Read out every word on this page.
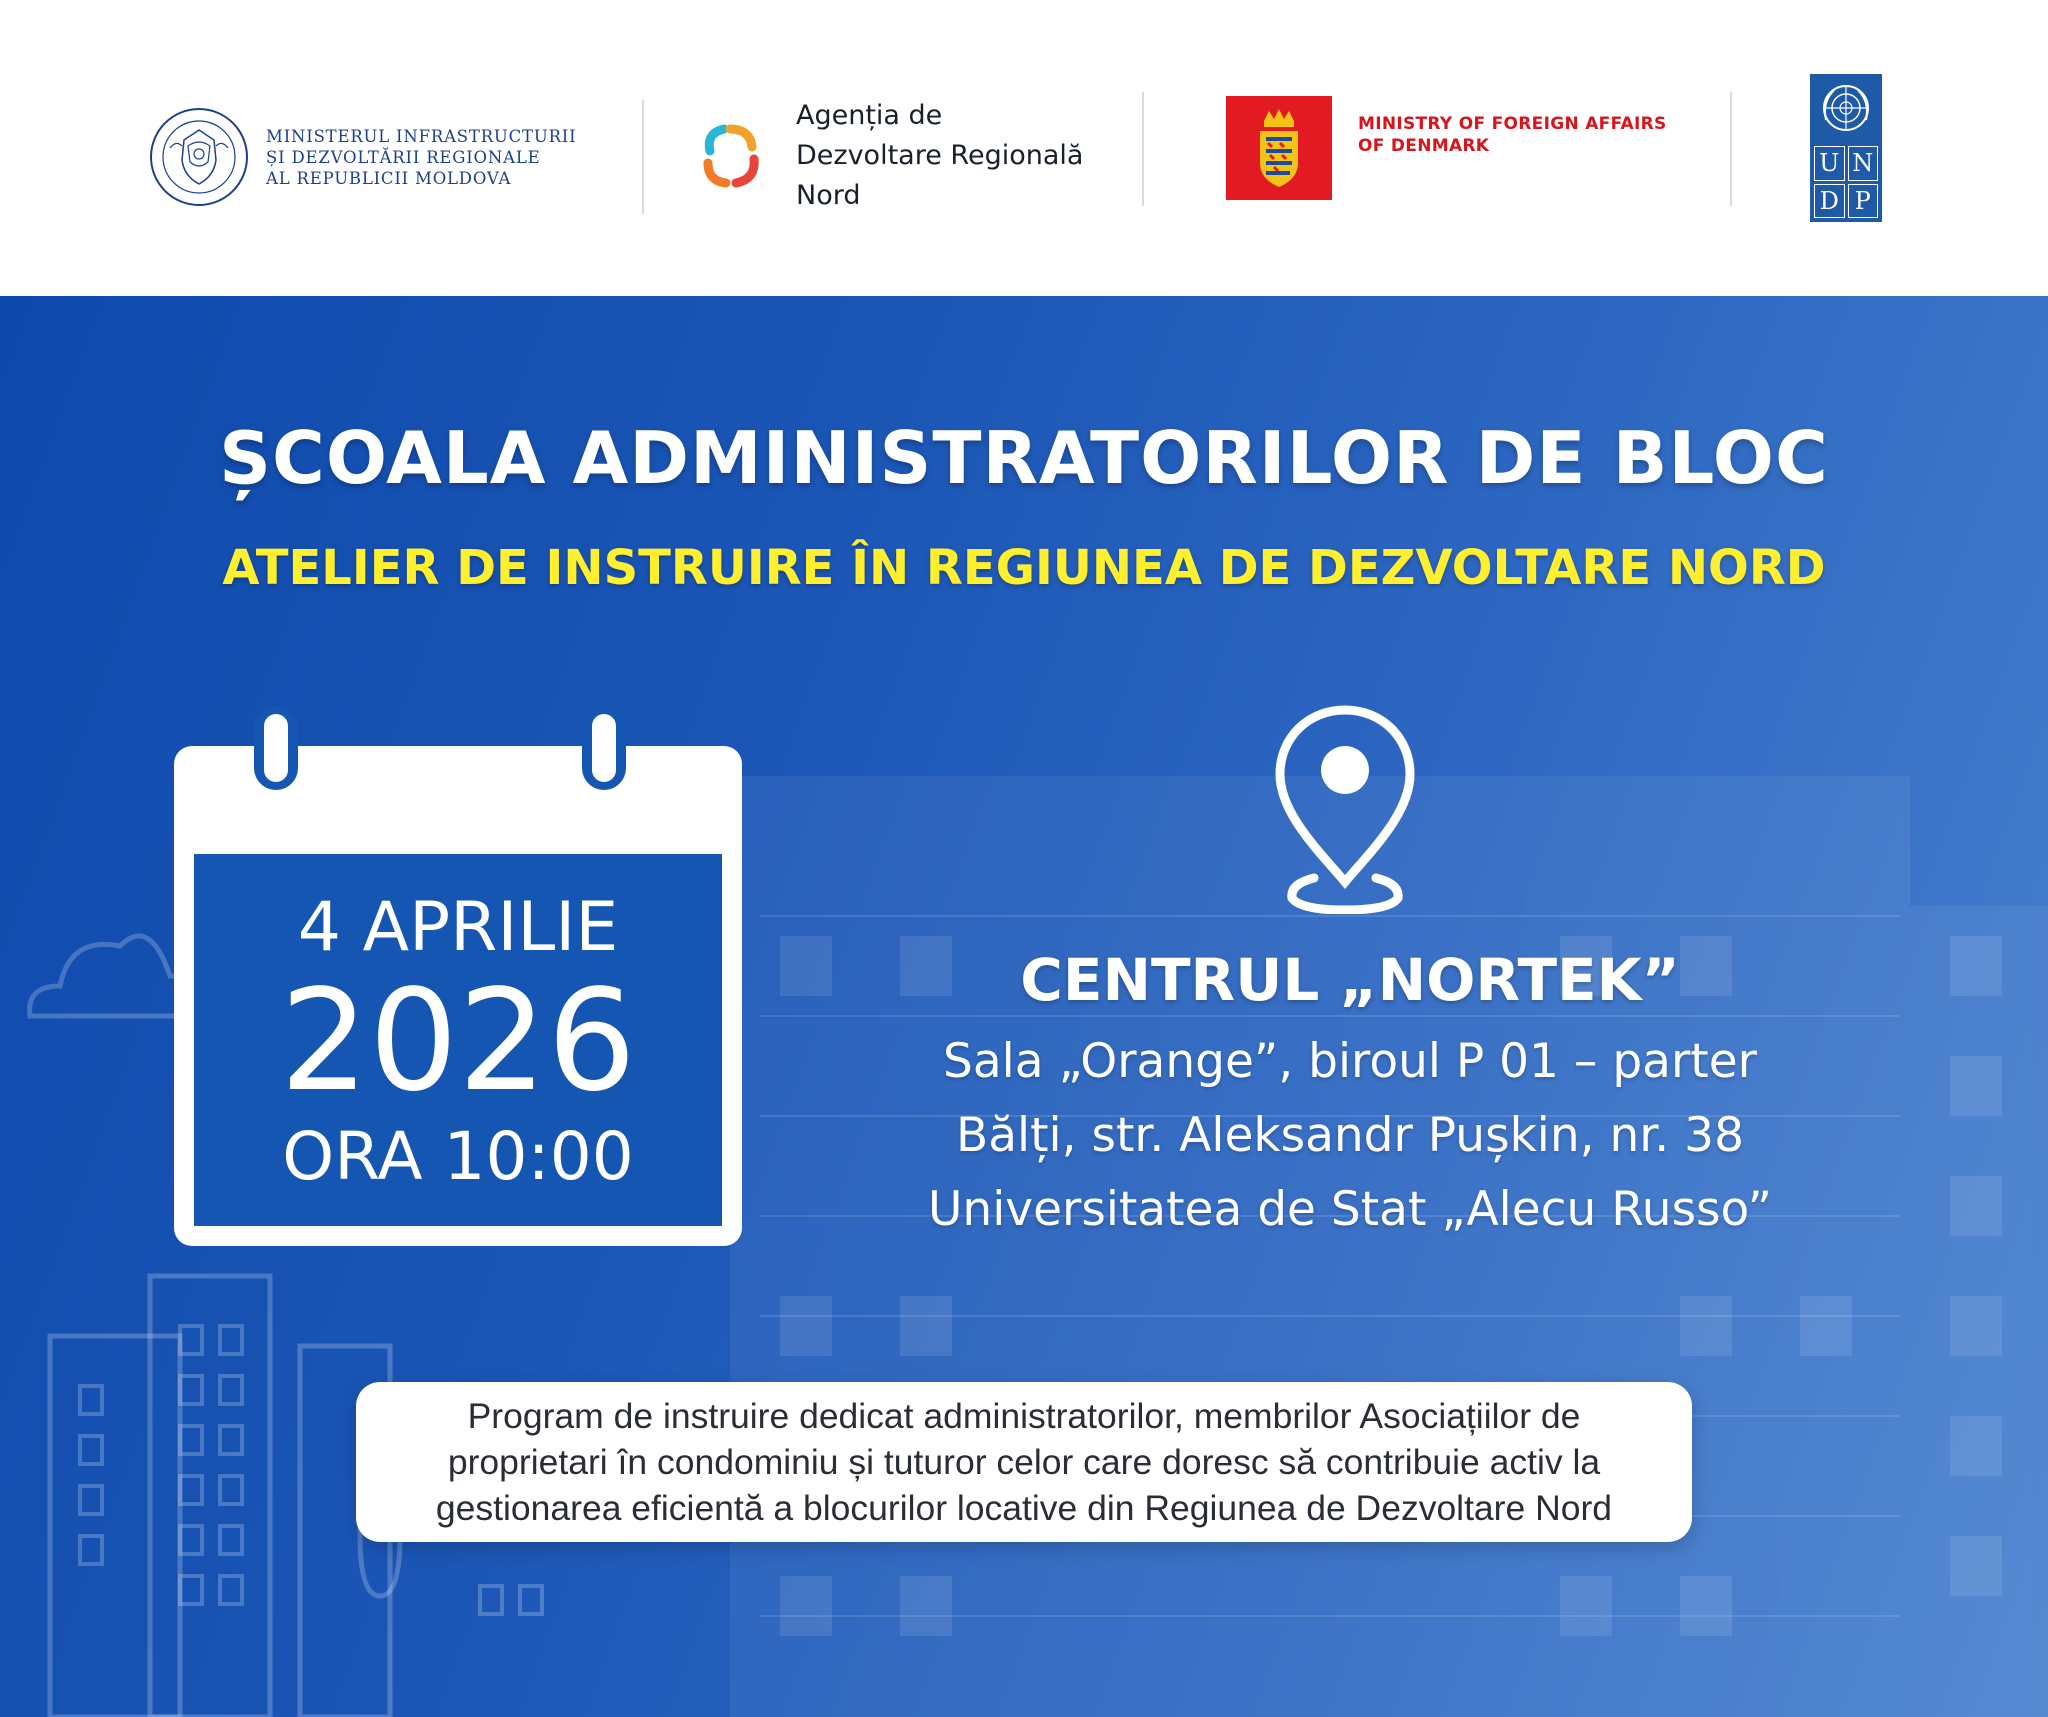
MINISTERUL INFRASTRUCTURII
ȘI DEZVOLTĂRII REGIONALE
AL REPUBLICII MOLDOVA
Agenția de
Dezvoltare Regională
Nord
MINISTRY OF FOREIGN AFFAIRS
OF DENMARK
U N
D P
ȘCOALA ADMINISTRATORILOR DE BLOC
ATELIER DE INSTRUIRE ÎN REGIUNEA DE DEZVOLTARE NORD
4 APRILIE
2026
ORA 10:00
CENTRUL „NORTEK”
Sala „Orange”, biroul P 01 – parter
Bălți, str. Aleksandr Pușkin, nr. 38
Universitatea de Stat „Alecu Russo”
Program de instruire dedicat administratorilor, membrilor Asociațiilor de
proprietari în condominiu și tuturor celor care doresc să contribuie activ la
gestionarea eficientă a blocurilor locative din Regiunea de Dezvoltare Nord
